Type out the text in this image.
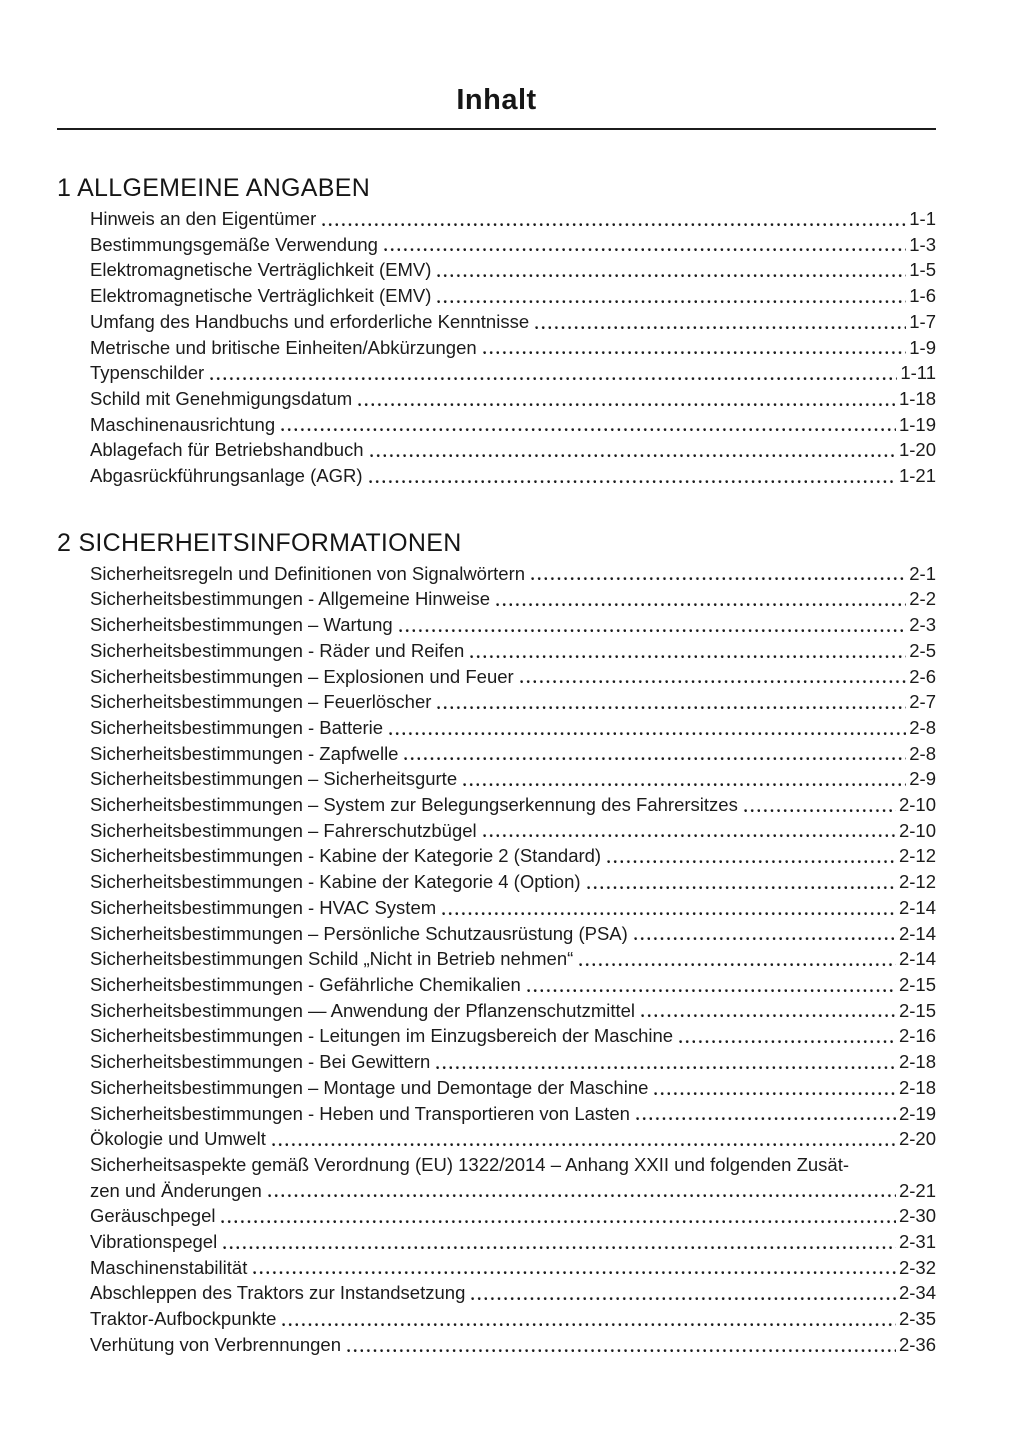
Inhalt
1 ALLGEMEINE ANGABEN
Hinweis an den Eigentümer	1-1
Bestimmungsgemäße Verwendung	1-3
Elektromagnetische Verträglichkeit (EMV)	1-5
Elektromagnetische Verträglichkeit (EMV)	1-6
Umfang des Handbuchs und erforderliche Kenntnisse	1-7
Metrische und britische Einheiten/Abkürzungen	1-9
Typenschilder	1-11
Schild mit Genehmigungsdatum	1-18
Maschinenausrichtung	1-19
Ablagefach für Betriebshandbuch	1-20
Abgasrückführungsanlage (AGR)	1-21
2 SICHERHEITSINFORMATIONEN
Sicherheitsregeln und Definitionen von Signalwörtern	2-1
Sicherheitsbestimmungen - Allgemeine Hinweise	2-2
Sicherheitsbestimmungen – Wartung	2-3
Sicherheitsbestimmungen - Räder und Reifen	2-5
Sicherheitsbestimmungen – Explosionen und Feuer	2-6
Sicherheitsbestimmungen – Feuerlöscher	2-7
Sicherheitsbestimmungen - Batterie	2-8
Sicherheitsbestimmungen - Zapfwelle	2-8
Sicherheitsbestimmungen – Sicherheitsgurte	2-9
Sicherheitsbestimmungen – System zur Belegungserkennung des Fahrersitzes	2-10
Sicherheitsbestimmungen – Fahrerschutzbügel	2-10
Sicherheitsbestimmungen - Kabine der Kategorie 2 (Standard)	2-12
Sicherheitsbestimmungen - Kabine der Kategorie 4 (Option)	2-12
Sicherheitsbestimmungen - HVAC System	2-14
Sicherheitsbestimmungen – Persönliche Schutzausrüstung (PSA)	2-14
Sicherheitsbestimmungen Schild „Nicht in Betrieb nehmen“	2-14
Sicherheitsbestimmungen - Gefährliche Chemikalien	2-15
Sicherheitsbestimmungen — Anwendung der Pflanzenschutzmittel	2-15
Sicherheitsbestimmungen - Leitungen im Einzugsbereich der Maschine	2-16
Sicherheitsbestimmungen - Bei Gewittern	2-18
Sicherheitsbestimmungen – Montage und Demontage der Maschine	2-18
Sicherheitsbestimmungen - Heben und Transportieren von Lasten	2-19
Ökologie und Umwelt	2-20
Sicherheitsaspekte gemäß Verordnung (EU) 1322/2014 – Anhang XXII und folgenden Zusät-
zen und Änderungen	2-21
Geräuschpegel	2-30
Vibrationspegel	2-31
Maschinenstabilität	2-32
Abschleppen des Traktors zur Instandsetzung	2-34
Traktor-Aufbockpunkte	2-35
Verhütung von Verbrennungen	2-36
